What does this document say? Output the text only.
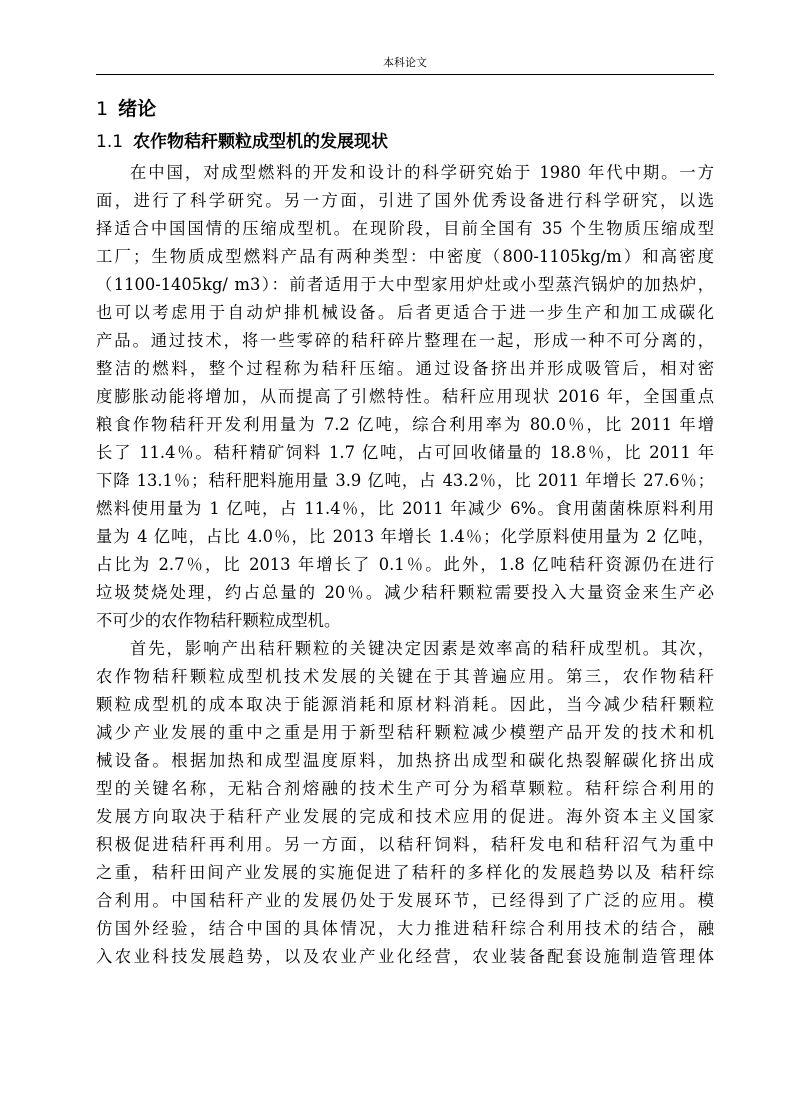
本科论文
1 绪论
1.1 农作物秸秆颗粒成型机的发展现状

在中国，对成型燃料的开发和设计的科学研究始于 1980 年代中期。一方
面，进行了科学研究。另一方面，引进了国外优秀设备进行科学研究，以选
择适合中国国情的压缩成型机。在现阶段，目前全国有 35 个生物质压缩成型
工厂；生物质成型燃料产品有两种类型：中密度（800-1105kg/m）和高密度
（1100-1405kg/ m3）：前者适用于大中型家用炉灶或小型蒸汽锅炉的加热炉，
也可以考虑用于自动炉排机械设备。后者更适合于进一步生产和加工成碳化
产品。通过技术，将一些零碎的秸秆碎片整理在一起，形成一种不可分离的，
整洁的燃料，整个过程称为秸秆压缩。通过设备挤出并形成吸管后，相对密
度膨胀动能将增加，从而提高了引燃特性。秸秆应用现状 2016 年，全国重点
粮食作物秸秆开发利用量为 7.2 亿吨，综合利用率为 80.0％，比 2011 年增
长了 11.4％。秸秆精矿饲料 1.7 亿吨，占可回收储量的 18.8％，比 2011 年
下降 13.1％；秸秆肥料施用量 3.9 亿吨，占 43.2％，比 2011 年增长 27.6％；
燃料使用量为 1 亿吨，占 11.4％，比 2011 年减少 6%。食用菌菌株原料利用
量为 4 亿吨，占比 4.0％，比 2013 年增长 1.4％；化学原料使用量为 2 亿吨，
占比为 2.7％，比 2013 年增长了 0.1％。此外，1.8 亿吨秸秆资源仍在进行
垃圾焚烧处理，约占总量的 20％。减少秸秆颗粒需要投入大量资金来生产必
不可少的农作物秸秆颗粒成型机。

首先，影响产出秸秆颗粒的关键决定因素是效率高的秸秆成型机。其次，
农作物秸秆颗粒成型机技术发展的关键在于其普遍应用。第三，农作物秸秆
颗粒成型机的成本取决于能源消耗和原材料消耗。因此，当今减少秸秆颗粒
减少产业发展的重中之重是用于新型秸秆颗粒减少模塑产品开发的技术和机
械设备。根据加热和成型温度原料，加热挤出成型和碳化热裂解碳化挤出成
型的关键名称，无粘合剂熔融的技术生产可分为稻草颗粒。秸秆综合利用的
发展方向取决于秸秆产业发展的完成和技术应用的促进。海外资本主义国家
积极促进秸秆再利用。另一方面，以秸秆饲料，秸秆发电和秸秆沼气为重中
之重，秸秆田间产业发展的实施促进了秸秆的多样化的发展趋势以及 秸秆综
合利用。中国秸秆产业的发展仍处于发展环节，已经得到了广泛的应用。模
仿国外经验，结合中国的具体情况，大力推进秸秆综合利用技术的结合，融
入农业科技发展趋势，以及农业产业化经营，农业装备配套设施制造管理体
